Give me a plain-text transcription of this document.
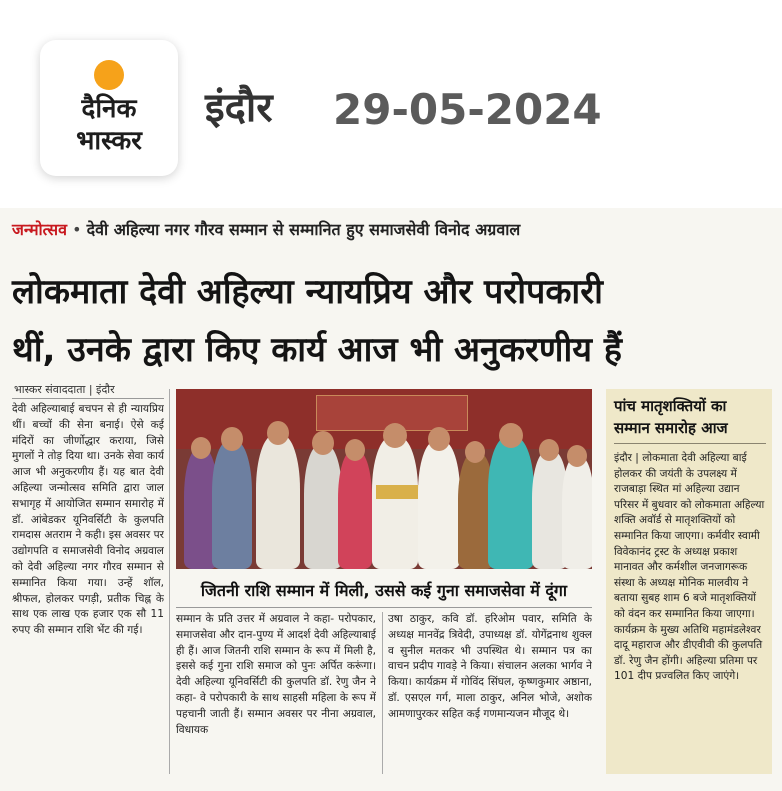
दैनिक
भास्कर
इंदौर 29-05-2024
जन्मोत्सव • देवी अहिल्या नगर गौरव सम्मान से सम्मानित हुए समाजसेवी विनोद अग्रवाल
लोकमाता देवी अहिल्या न्यायप्रिय और परोपकारी
थीं, उनके द्वारा किए कार्य आज भी अनुकरणीय हैं
भास्कर संवाददाता | इंदौर
देवी अहिल्याबाई बचपन से ही न्यायप्रिय थीं। बच्चों की सेना बनाई। ऐसे कई मंदिरों का जीर्णोद्धार कराया, जिसे मुगलों ने तोड़ दिया था। उनके सेवा कार्य आज भी अनुकरणीय हैं। यह बात देवी अहिल्या जन्मोत्सव समिति द्वारा जाल सभागृह में आयोजित सम्मान समारोह में डॉ. आंबेडकर यूनिवर्सिटी के कुलपति रामदास अतराम ने कही। इस अवसर पर उद्योगपति व समाजसेवी विनोद अग्रवाल को देवी अहिल्या नगर गौरव सम्मान से सम्मानित किया गया। उन्हें शॉल, श्रीफल, होलकर पगड़ी, प्रतीक चिह्न के साथ एक लाख एक हजार एक सौ 11 रुपए की सम्मान राशि भेंट की गई।
जितनी राशि सम्मान में मिली, उससे कई गुना समाजसेवा में दूंगा
सम्मान के प्रति उत्तर में अग्रवाल ने कहा- परोपकार, समाजसेवा और दान-पुण्य में आदर्श देवी अहिल्याबाई ही हैं। आज जितनी राशि सम्मान के रूप में मिली है, इससे कई गुना राशि समाज को पुनः अर्पित करूंगा। देवी अहिल्या यूनिवर्सिटी की कुलपति डॉ. रेणु जैन ने कहा- वे परोपकारी के साथ साहसी महिला के रूप में पहचानी जाती हैं। सम्मान अवसर पर नीना अग्रवाल, विधायक
उषा ठाकुर, कवि डॉ. हरिओम पवार, समिति के अध्यक्ष मानवेंद्र त्रिवेदी, उपाध्यक्ष डॉ. योगेंद्रनाथ शुक्ल व सुनील मतकर भी उपस्थित थे। सम्मान पत्र का वाचन प्रदीप गावड़े ने किया। संचालन अलका भार्गव ने किया। कार्यक्रम में गोविंद सिंघल, कृष्णकुमार अष्ठाना, डॉ. एसएल गर्ग, माला ठाकुर, अनिल भोजे, अशोक आमणापुरकर सहित कई गणमान्यजन मौजूद थे।
पांच मातृशक्तियों का सम्मान समारोह आज
इंदौर | लोकमाता देवी अहिल्या बाई होलकर की जयंती के उपलक्ष्य में राजबाड़ा स्थित मां अहिल्या उद्यान परिसर में बुधवार को लोकमाता अहिल्या शक्ति अवॉर्ड से मातृशक्तियों को सम्मानित किया जाएगा। कर्मवीर स्वामी विवेकानंद ट्रस्ट के अध्यक्ष प्रकाश मानावत और कर्मशील जनजागरूक संस्था के अध्यक्ष मोनिक मालवीय ने बताया सुबह शाम 6 बजे मातृशक्तियों को वंदन कर सम्मानित किया जाएगा। कार्यक्रम के मुख्य अतिथि महामंडलेश्वर दादू महाराज और डीएवीवी की कुलपति डॉ. रेणु जैन होंगी। अहिल्या प्रतिमा पर 101 दीप प्रज्वलित किए जाएंगे।
